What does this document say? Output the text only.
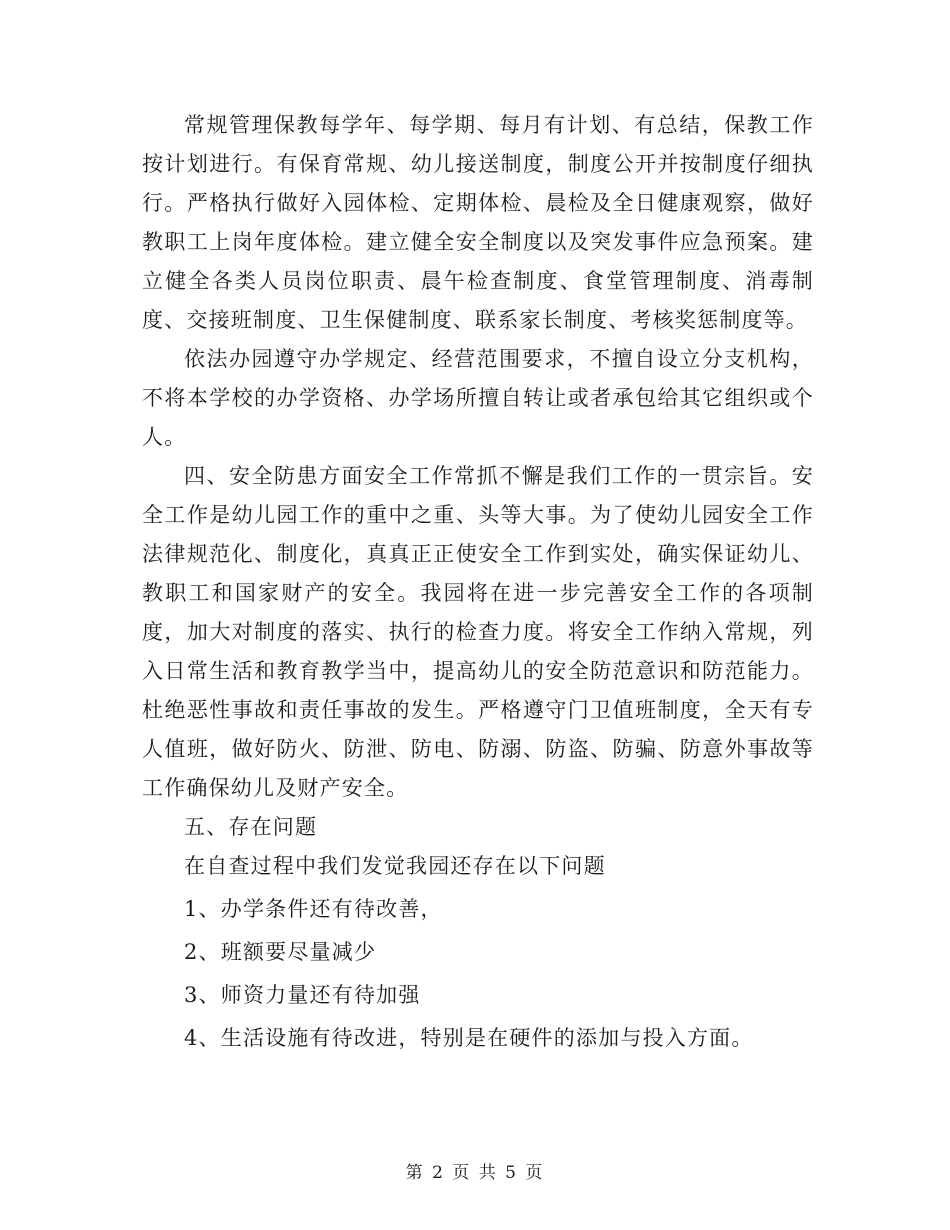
常规管理保教每学年、每学期、每月有计划、有总结，保教工作按计划进行。有保育常规、幼儿接送制度，制度公开并按制度仔细执行。严格执行做好入园体检、定期体检、晨检及全日健康观察，做好教职工上岗年度体检。建立健全安全制度以及突发事件应急预案。建立健全各类人员岗位职责、晨午检查制度、食堂管理制度、消毒制度、交接班制度、卫生保健制度、联系家长制度、考核奖惩制度等。

依法办园遵守办学规定、经营范围要求，不擅自设立分支机构，不将本学校的办学资格、办学场所擅自转让或者承包给其它组织或个人。

四、安全防患方面安全工作常抓不懈是我们工作的一贯宗旨。安全工作是幼儿园工作的重中之重、头等大事。为了使幼儿园安全工作法律规范化、制度化，真真正正使安全工作到实处，确实保证幼儿、教职工和国家财产的安全。我园将在进一步完善安全工作的各项制度，加大对制度的落实、执行的检查力度。将安全工作纳入常规，列入日常生活和教育教学当中，提高幼儿的安全防范意识和防范能力。杜绝恶性事故和责任事故的发生。严格遵守门卫值班制度，全天有专人值班，做好防火、防泄、防电、防溺、防盗、防骗、防意外事故等工作确保幼儿及财产安全。

五、存在问题

在自查过程中我们发觉我园还存在以下问题

1、办学条件还有待改善，

2、班额要尽量减少

3、师资力量还有待加强

4、生活设施有待改进，特别是在硬件的添加与投入方面。

第 2 页 共 5 页
